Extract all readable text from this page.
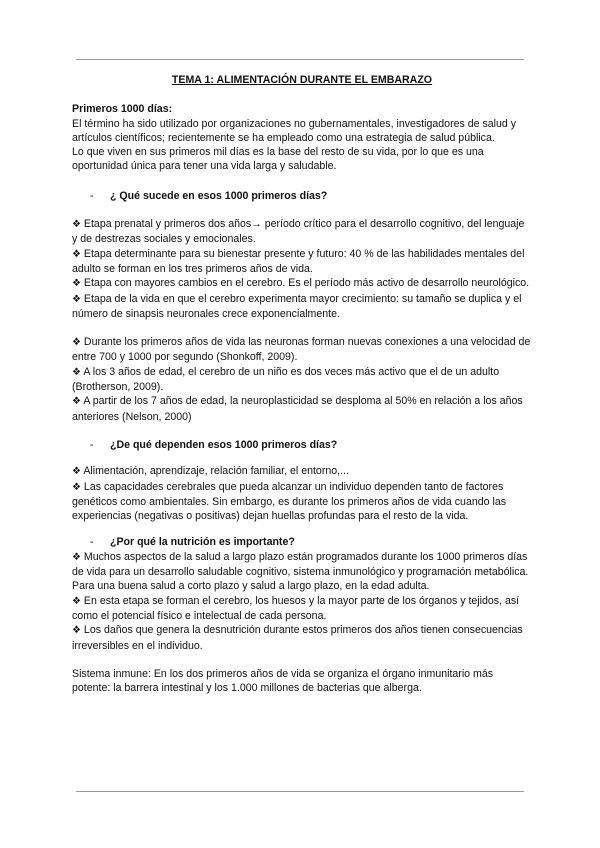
TEMA 1: ALIMENTACIÓN DURANTE EL EMBARAZO

Primeros 1000 días:

El término ha sido utilizado por organizaciones no gubernamentales, investigadores de salud y artículos científicos; recientemente se ha empleado como una estrategia de salud pública.

Lo que viven en sus primeros mil días es la base del resto de su vida, por lo que es una oportunidad única para tener una vida larga y saludable.

- ¿ Qué sucede en esos 1000 primeros días?

❖ Etapa prenatal y primeros dos años→ período crítico para el desarrollo cognitivo, del lenguaje y de destrezas sociales y emocionales.

❖ Etapa determinante para su bienestar presente y futuro: 40 % de las habilidades mentales del adulto se forman en los tres primeros años de vida.

❖ Etapa con mayores cambios en el cerebro. Es el período más activo de desarrollo neurológico.

❖ Etapa de la vida en que el cerebro experimenta mayor crecimiento: su tamaño se duplica y el número de sinapsis neuronales crece exponencialmente.

❖ Durante los primeros años de vida las neuronas forman nuevas conexiones a una velocidad de entre 700 y 1000 por segundo (Shonkoff, 2009).

❖ A los 3 años de edad, el cerebro de un niño es dos veces más activo que el de un adulto (Brotherson, 2009).

❖ A partir de los 7 años de edad, la neuroplasticidad se desploma al 50% en relación a los años anteriores (Nelson, 2000)

- ¿De qué dependen esos 1000 primeros días?

❖ Alimentación, aprendizaje, relación familiar, el entorno,...

❖ Las capacidades cerebrales que pueda alcanzar un individuo dependen tanto de factores genéticos como ambientales. Sin embargo, es durante los primeros años de vida cuando las experiencias (negativas o positivas) dejan huellas profundas para el resto de la vida.

- ¿Por qué la nutrición es importante?

❖ Muchos aspectos de la salud a largo plazo están programados durante los 1000 primeros días de vida para un desarrollo saludable cognitivo, sistema inmunológico y programación metabólica. Para una buena salud a corto plazo y salud a largo plazo, en la edad adulta.

❖ En esta etapa se forman el cerebro, los huesos y la mayor parte de los órganos y tejidos, así como el potencial físico e intelectual de cada persona.

❖ Los daños que genera la desnutrición durante estos primeros dos años tienen consecuencias irreversibles en el individuo.

Sistema inmune: En los dos primeros años de vida se organiza el órgano inmunitario más potente: la barrera intestinal y los 1.000 millones de bacterias que alberga.
